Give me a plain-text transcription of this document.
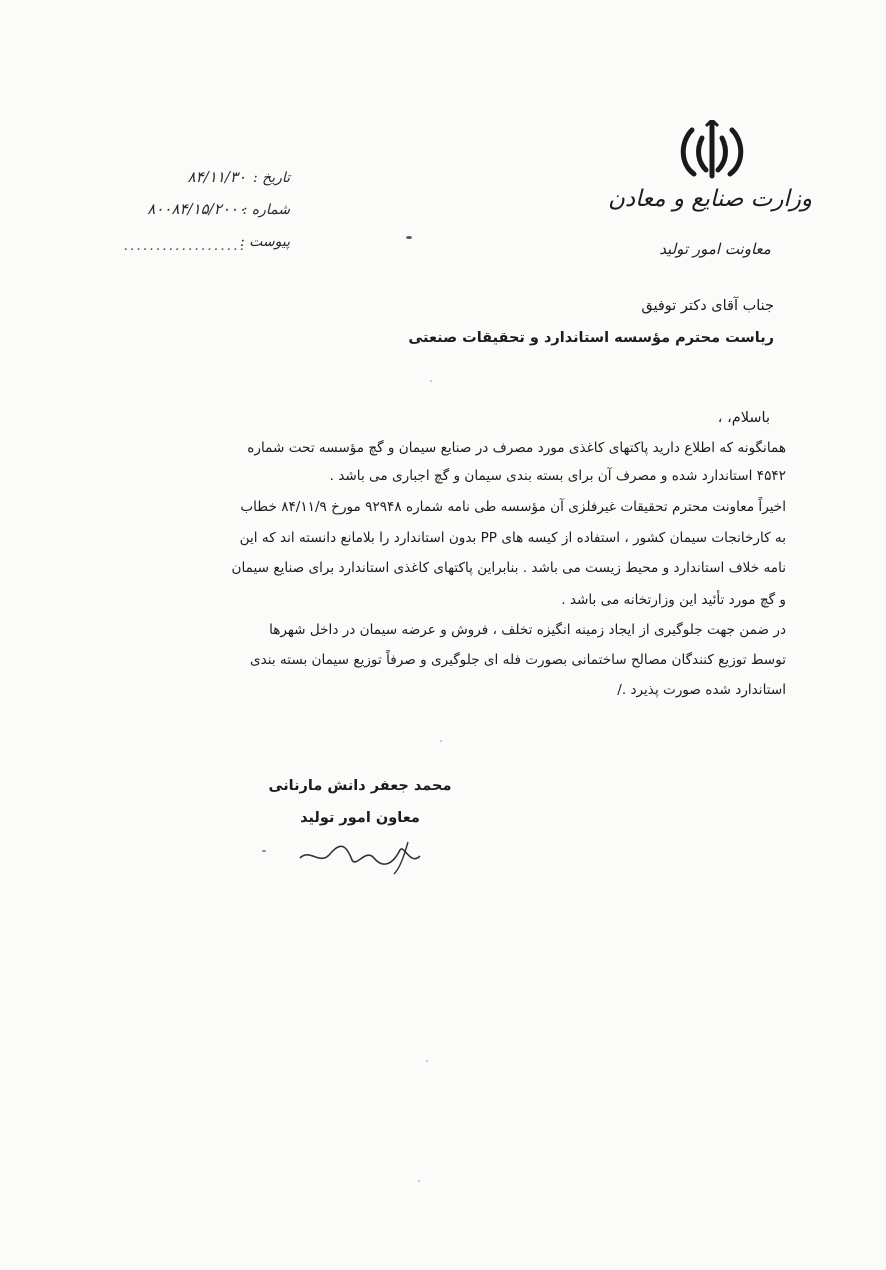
وزارت صنایع و معادن
معاونت امور تولید
تاریخ :
۸۴/۱۱/۳۰
شماره :
۸۰۰۸۴/۱۵/۲۰۰۰
پیوست :
...................
جناب آقای دکتر توفیق
ریاست محترم مؤسسه استاندارد و تحقیقات صنعتی
باسلام، ،
همانگونه که اطلاع دارید پاکتهای کاغذی مورد مصرف در صنایع سیمان و گچ مؤسسه تحت شماره
۴۵۴۲ استاندارد شده و مصرف آن برای بسته بندی سیمان و گچ اجباری می باشد .
اخیراً معاونت محترم تحقیقات غیرفلزی آن مؤسسه طی نامه شماره ۹۲۹۴۸ مورخ ۸۴/۱۱/۹ خطاب
به کارخانجات سیمان کشور ، استفاده از کیسه های PP بدون استاندارد را بلامانع دانسته اند که این
نامه خلاف استاندارد و محیط زیست می باشد . بنابراین پاکتهای کاغذی استاندارد برای صنایع سیمان
و گچ مورد تأئید این وزارتخانه می باشد .
در ضمن جهت جلوگیری از ایجاد زمینه انگیزه تخلف ، فروش و عرضه سیمان در داخل شهرها
توسط توزیع کنندگان مصالح ساختمانی بصورت فله ای جلوگیری و صرفاً توزیع سیمان بسته بندی
استاندارد شده صورت پذیرد ./
محمد جعفر دانش مارنانی
معاون امور تولید
